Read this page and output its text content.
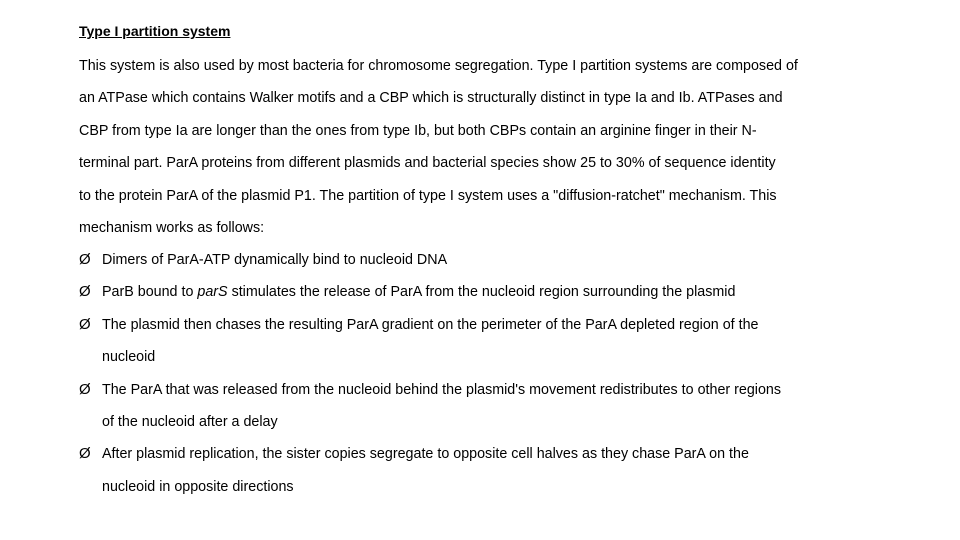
Type I partition system
This system is also used by most bacteria for chromosome segregation. Type I partition systems are composed of
an ATPase which contains Walker motifs and a CBP which is structurally distinct in type Ia and Ib. ATPases and
CBP from type Ia are longer than the ones from type Ib, but both CBPs contain an arginine finger in their N-
terminal part. ParA proteins from different plasmids and bacterial species show 25 to 30% of sequence identity
to the protein ParA of the plasmid P1. The partition of type I system uses a "diffusion-ratchet" mechanism. This
mechanism works as follows:
Ø Dimers of ParA-ATP dynamically bind to nucleoid DNA
Ø ParB bound to parS stimulates the release of ParA from the nucleoid region surrounding the plasmid
Ø The plasmid then chases the resulting ParA gradient on the perimeter of the ParA depleted region of the
nucleoid
Ø The ParA that was released from the nucleoid behind the plasmid's movement redistributes to other regions
of the nucleoid after a delay
Ø After plasmid replication, the sister copies segregate to opposite cell halves as they chase ParA on the
nucleoid in opposite directions
